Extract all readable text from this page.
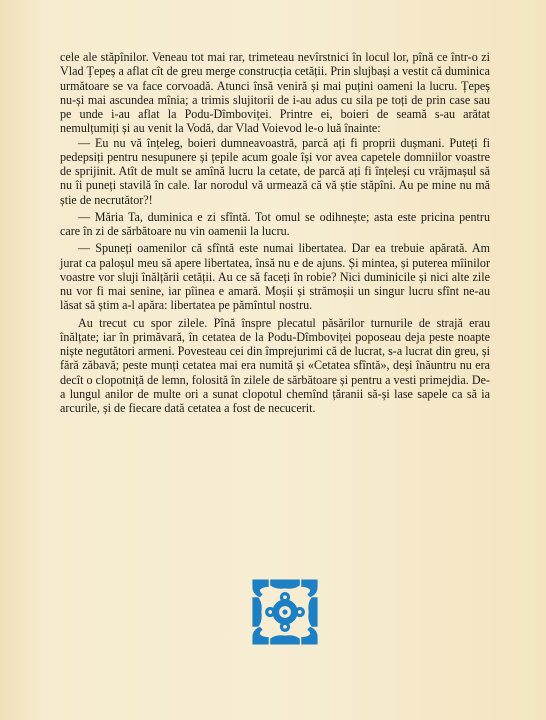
cele ale stăpînilor. Veneau tot mai rar, trimeteau nevîrstnici în locul lor, pînă ce într-o zi Vlad Țepeș a aflat cît de greu merge construcția cetății. Prin slujbași a vestit că duminica următoare se va face corvoadă. Atunci însă veniră și mai puțini oameni la lucru. Țepeș nu-și mai ascundea mînia; a trimis slujitorii de i-au adus cu sila pe toți de prin case sau pe unde i-au aflat la Podu-Dîmboviței. Printre ei, boieri de seamă s-au arătat nemulțumiți și au venit la Vodă, dar Vlad Voievod le-o luă înainte:

— Eu nu vă înțeleg, boieri dumneavoastră, parcă ați fi proprii dușmani. Puteți fi pedepsiți pentru nesupunere și țepile acum goale își vor avea capetele domniilor voastre de sprijinit. Atît de mult se amînă lucru la cetate, de parcă ați fi înțeleși cu vrăjmașul să nu îi puneți stavilă în cale. Iar norodul vă urmează că vă știe stăpîni. Au pe mine nu mă știe de necrutător?!

— Măria Ta, duminica e zi sfîntă. Tot omul se odihnește; asta este pricina pentru care în zi de sărbătoare nu vin oamenii la lucru.

— Spuneți oamenilor că sfîntă este numai libertatea. Dar ea trebuie apărată. Am jurat ca paloșul meu să apere libertatea, însă nu e de ajuns. Și mintea, și puterea mîinilor voastre vor sluji înălțării cetății. Au ce să faceți în robie? Nici duminicile și nici alte zile nu vor fi mai senine, iar pîinea e amară. Moșii și strămoșii un singur lucru sfînt ne-au lăsat să știm a-l apăra: libertatea pe pămîntul nostru.

Au trecut cu spor zilele. Pînă înspre plecatul păsărilor turnurile de strajă erau înălțate; iar în primăvară, în cetatea de la Podu-Dîmboviței poposeau deja peste noapte niște negutători armeni. Povesteau cei din împrejurimi că de lucrat, s-a lucrat din greu, și fără zăbavă; peste munți cetatea mai era numită și «Cetatea sfîntă», deși înăuntru nu era decît o clopotniță de lemn, folosită în zilele de sărbătoare și pentru a vesti primejdia. De-a lungul anilor de multe ori a sunat clopotul chemînd țăranii să-și lase sapele ca să ia arcurile, și de fiecare dată cetatea a fost de necucerit.
